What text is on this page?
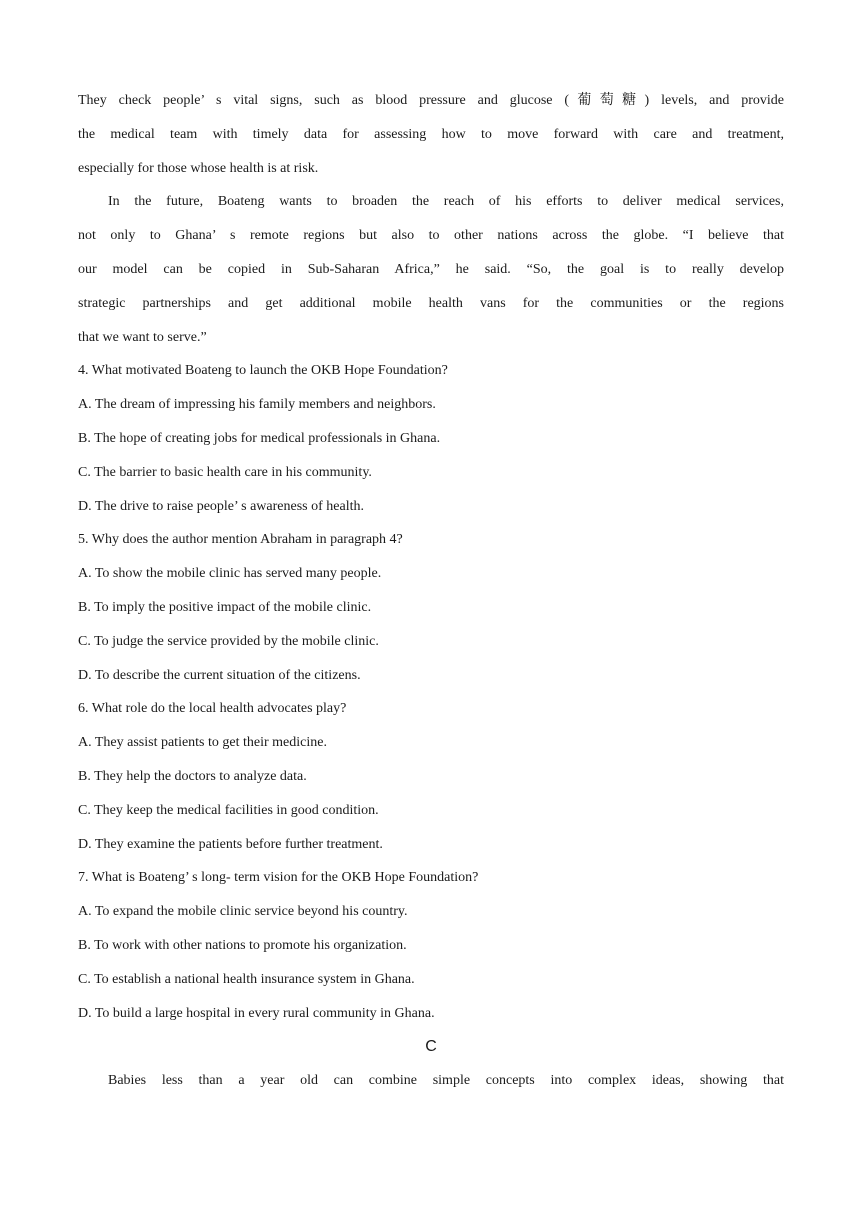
They check people’ s vital signs, such as blood pressure and glucose (葡萄糖) levels, and provide
the medical team with timely data for assessing how to move forward with care and treatment,
especially for those whose health is at risk.
In the future, Boateng wants to broaden the reach of his efforts to deliver medical services,
not only to Ghana’ s remote regions but also to other nations across the globe. “I believe that
our model can be copied in Sub-Saharan Africa,” he said. “So, the goal is to really develop
strategic partnerships and get additional mobile health vans for the communities or the regions
that we want to serve.”
4. What motivated Boateng to launch the OKB Hope Foundation?
A. The dream of impressing his family members and neighbors.
B. The hope of creating jobs for medical professionals in Ghana.
C. The barrier to basic health care in his community.
D. The drive to raise people’ s awareness of health.
5. Why does the author mention Abraham in paragraph 4?
A. To show the mobile clinic has served many people.
B. To imply the positive impact of the mobile clinic.
C. To judge the service provided by the mobile clinic.
D. To describe the current situation of the citizens.
6. What role do the local health advocates play?
A. They assist patients to get their medicine.
B. They help the doctors to analyze data.
C. They keep the medical facilities in good condition.
D. They examine the patients before further treatment.
7. What is Boateng’ s long- term vision for the OKB Hope Foundation?
A. To expand the mobile clinic service beyond his country.
B. To work with other nations to promote his organization.
C. To establish a national health insurance system in Ghana.
D. To build a large hospital in every rural community in Ghana.
C
Babies less than a year old can combine simple concepts into complex ideas, showing that
